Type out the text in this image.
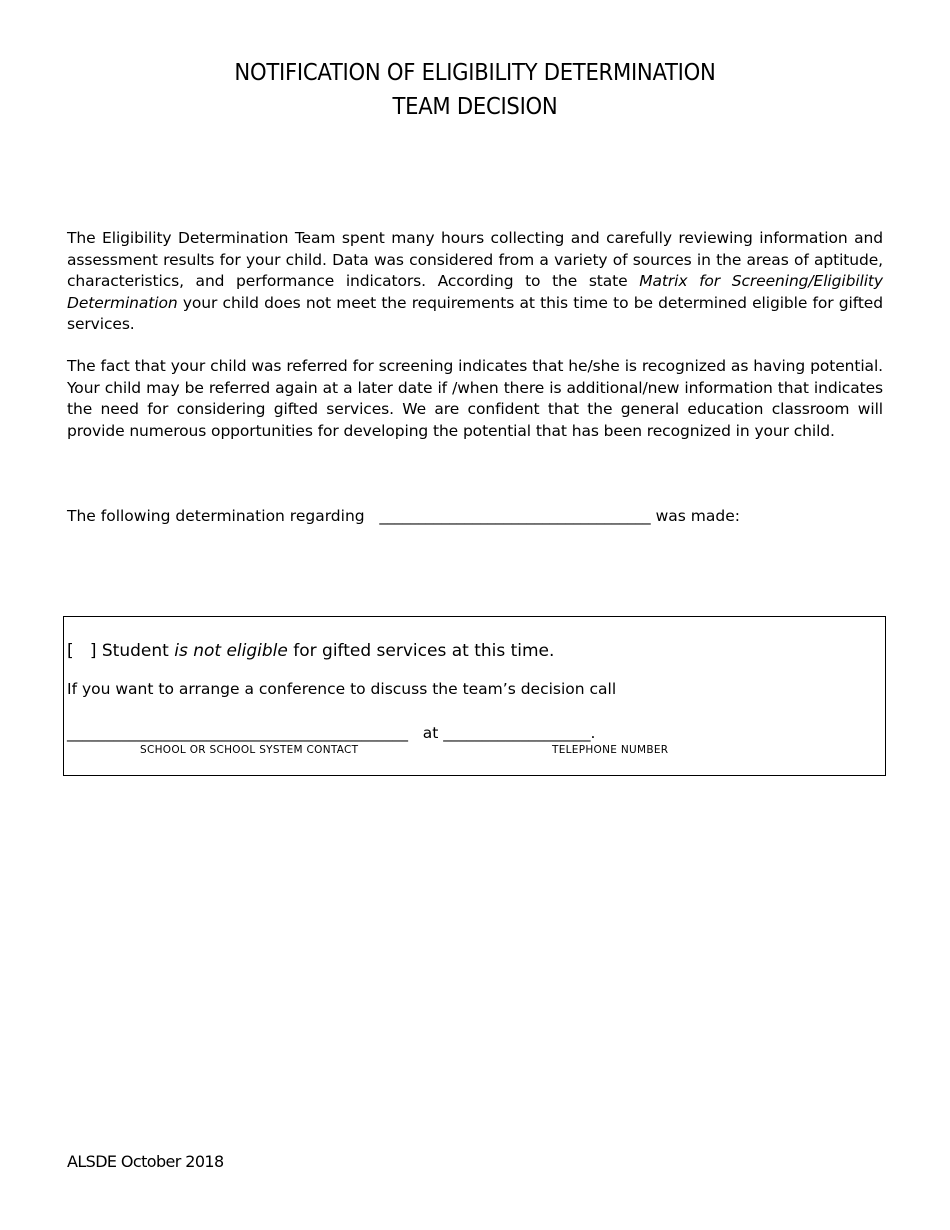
NOTIFICATION OF ELIGIBILITY DETERMINATION
TEAM DECISION

The Eligibility Determination Team spent many hours collecting and carefully reviewing information and assessment results for your child. Data was considered from a variety of sources in the areas of aptitude, characteristics, and performance indicators. According to the state Matrix for Screening/Eligibility Determination your child does not meet the requirements at this time to be determined eligible for gifted services.

The fact that your child was referred for screening indicates that he/she is recognized as having potential. Your child may be referred again at a later date if /when there is additional/new information that indicates the need for considering gifted services. We are confident that the general education classroom will provide numerous opportunities for developing the potential that has been recognized in your child.

The following determination regarding ___________________________________ was made:
[   ] Student is not eligible for gifted services at this time.
If you want to arrange a conference to discuss the team’s decision call
____________________________________________ at ___________________.
SCHOOL OR SCHOOL SYSTEM CONTACT	TELEPHONE NUMBER
ALSDE October 2018
